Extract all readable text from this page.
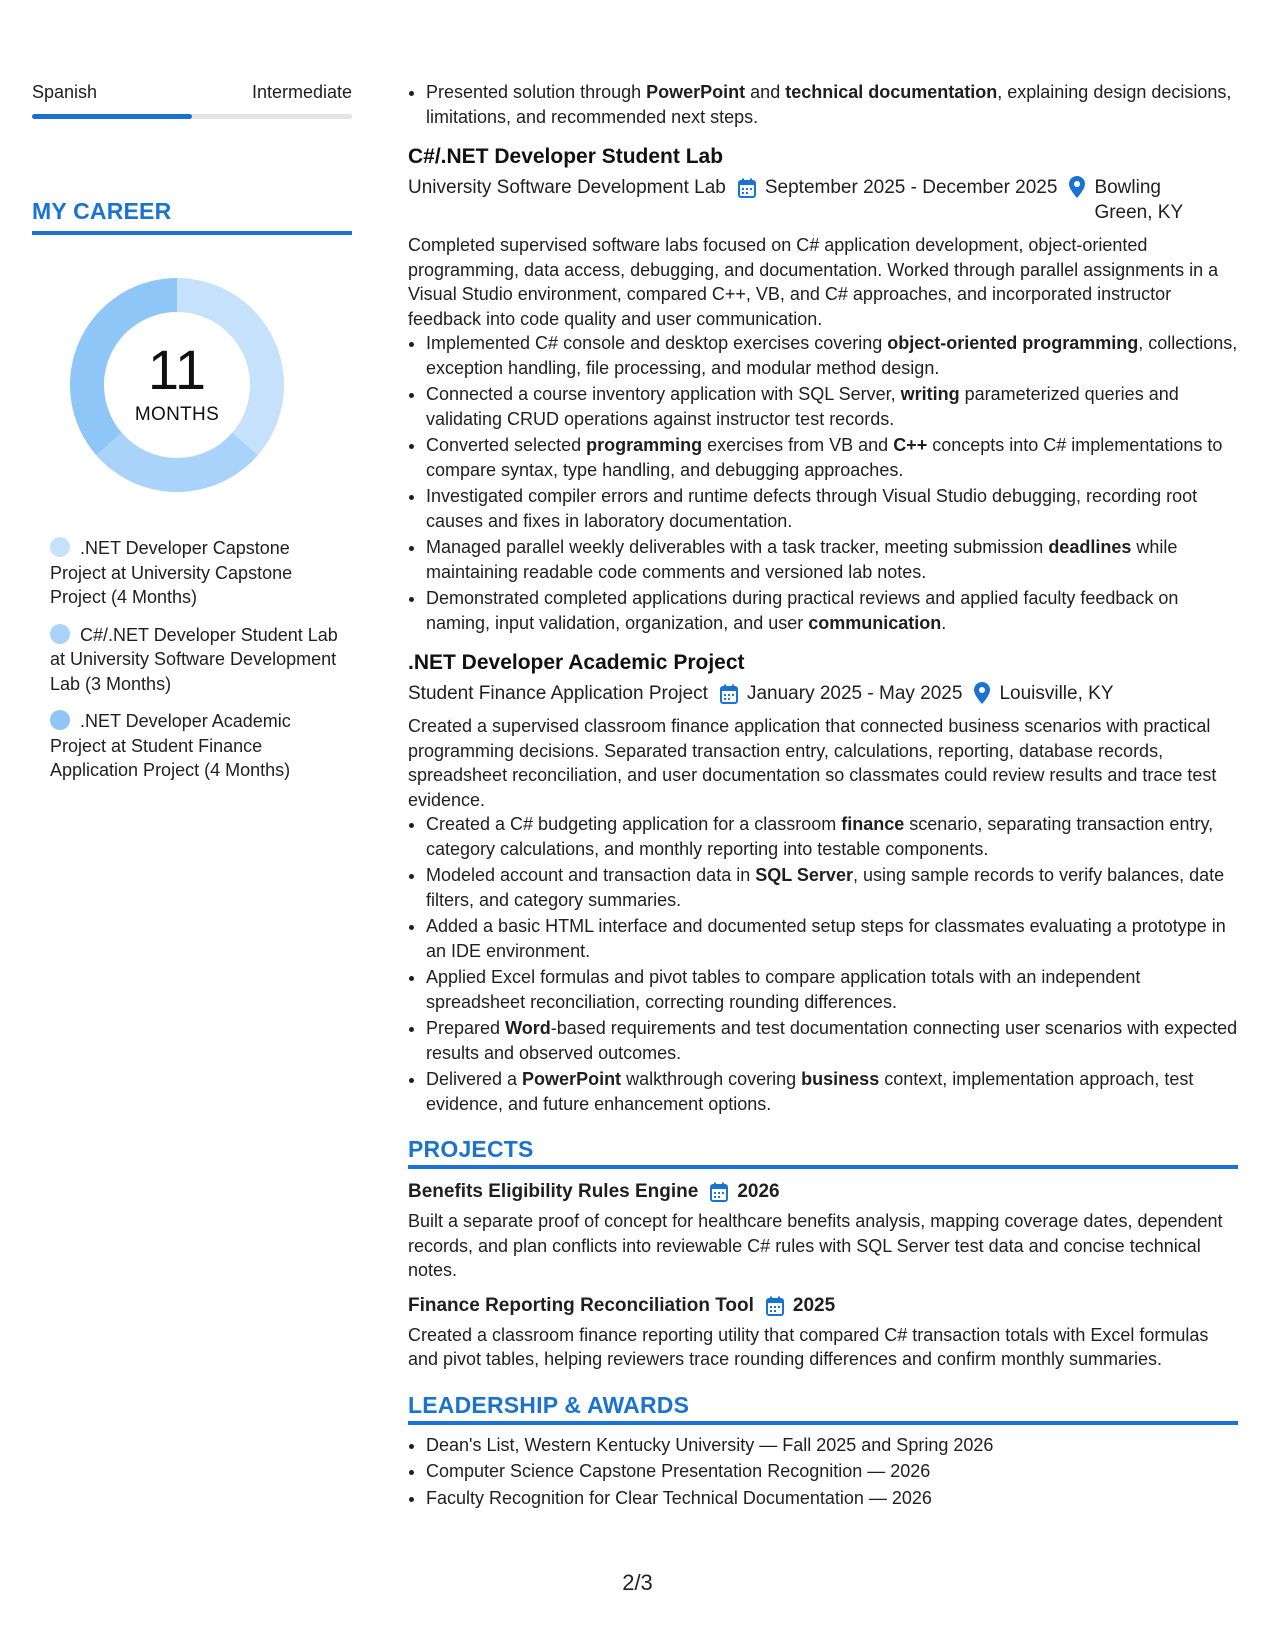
Spanish	Intermediate
MY CAREER
11
MONTHS
.NET Developer Capstone Project at University Capstone Project (4 Months)
C#/.NET Developer Student Lab at University Software Development Lab (3 Months)
.NET Developer Academic Project at Student Finance Application Project (4 Months)
• Presented solution through PowerPoint and technical documentation, explaining design decisions, limitations, and recommended next steps.
C#/.NET Developer Student Lab
University Software Development Lab September 2025 - December 2025 Bowling Green, KY
Completed supervised software labs focused on C# application development, object-oriented programming, data access, debugging, and documentation. Worked through parallel assignments in a Visual Studio environment, compared C++, VB, and C# approaches, and incorporated instructor feedback into code quality and user communication.
• Implemented C# console and desktop exercises covering object-oriented programming, collections, exception handling, file processing, and modular method design.
• Connected a course inventory application with SQL Server, writing parameterized queries and validating CRUD operations against instructor test records.
• Converted selected programming exercises from VB and C++ concepts into C# implementations to compare syntax, type handling, and debugging approaches.
• Investigated compiler errors and runtime defects through Visual Studio debugging, recording root causes and fixes in laboratory documentation.
• Managed parallel weekly deliverables with a task tracker, meeting submission deadlines while maintaining readable code comments and versioned lab notes.
• Demonstrated completed applications during practical reviews and applied faculty feedback on naming, input validation, organization, and user communication.
.NET Developer Academic Project
Student Finance Application Project January 2025 - May 2025 Louisville, KY
Created a supervised classroom finance application that connected business scenarios with practical programming decisions. Separated transaction entry, calculations, reporting, database records, spreadsheet reconciliation, and user documentation so classmates could review results and trace test evidence.
• Created a C# budgeting application for a classroom finance scenario, separating transaction entry, category calculations, and monthly reporting into testable components.
• Modeled account and transaction data in SQL Server, using sample records to verify balances, date filters, and category summaries.
• Added a basic HTML interface and documented setup steps for classmates evaluating a prototype in an IDE environment.
• Applied Excel formulas and pivot tables to compare application totals with an independent spreadsheet reconciliation, correcting rounding differences.
• Prepared Word-based requirements and test documentation connecting user scenarios with expected results and observed outcomes.
• Delivered a PowerPoint walkthrough covering business context, implementation approach, test evidence, and future enhancement options.
PROJECTS
Benefits Eligibility Rules Engine 2026
Built a separate proof of concept for healthcare benefits analysis, mapping coverage dates, dependent records, and plan conflicts into reviewable C# rules with SQL Server test data and concise technical notes.
Finance Reporting Reconciliation Tool 2025
Created a classroom finance reporting utility that compared C# transaction totals with Excel formulas and pivot tables, helping reviewers trace rounding differences and confirm monthly summaries.
LEADERSHIP & AWARDS
• Dean's List, Western Kentucky University — Fall 2025 and Spring 2026
• Computer Science Capstone Presentation Recognition — 2026
• Faculty Recognition for Clear Technical Documentation — 2026
2/3
